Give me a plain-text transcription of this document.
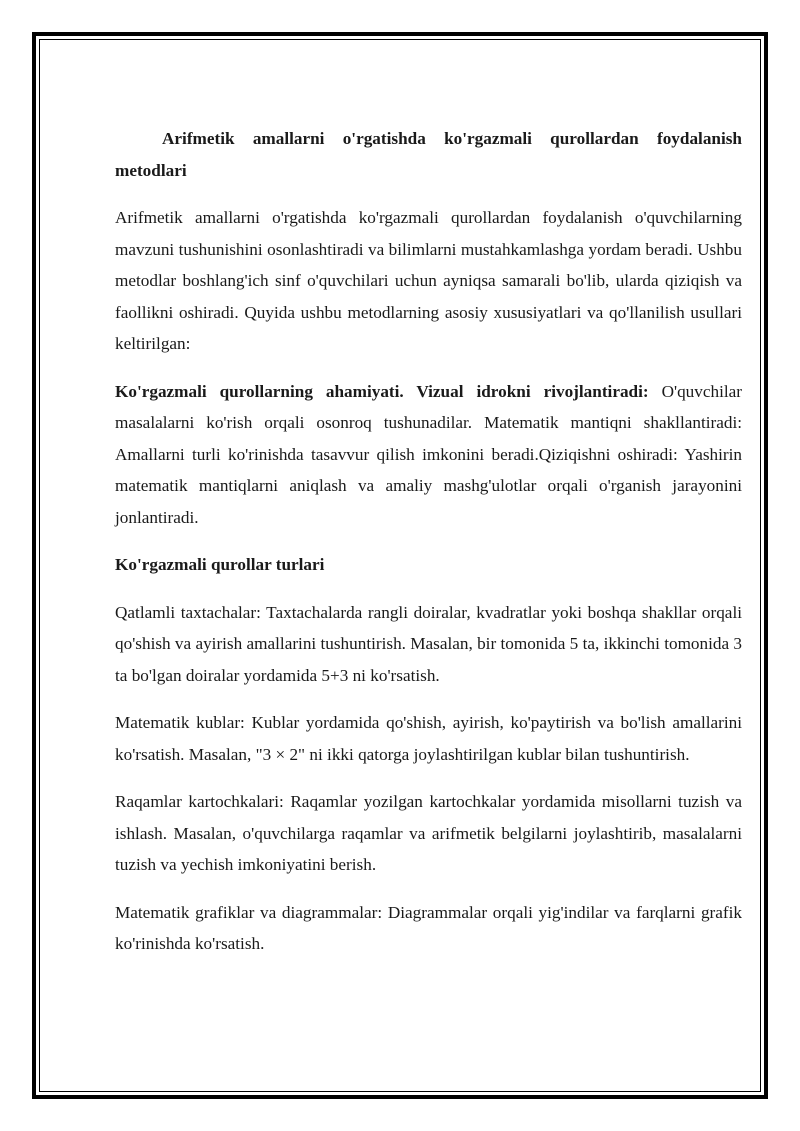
Arifmetik amallarni o'rgatishda ko'rgazmali qurollardan foydalanish metodlari

Arifmetik amallarni o'rgatishda ko'rgazmali qurollardan foydalanish o'quvchilarning mavzuni tushunishini osonlashtiradi va bilimlarni mustahkamlashga yordam beradi. Ushbu metodlar boshlang'ich sinf o'quvchilari uchun ayniqsa samarali bo'lib, ularda qiziqish va faollikni oshiradi. Quyida ushbu metodlarning asosiy xususiyatlari va qo'llanilish usullari keltirilgan:

Ko'rgazmali qurollarning ahamiyati. Vizual idrokni rivojlantiradi: O'quvchilar masalalarni ko'rish orqali osonroq tushunadilar. Matematik mantiqni shakllantiradi: Amallarni turli ko'rinishda tasavvur qilish imkonini beradi.Qiziqishni oshiradi: Yashirin matematik mantiqlarni aniqlash va amaliy mashg'ulotlar orqali o'rganish jarayonini jonlantiradi.

Ko'rgazmali qurollar turlari

Qatlamli taxtachalar: Taxtachalarda rangli doiralar, kvadratlar yoki boshqa shakllar orqali qo'shish va ayirish amallarini tushuntirish. Masalan, bir tomonida 5 ta, ikkinchi tomonida 3 ta bo'lgan doiralar yordamida 5+3 ni ko'rsatish.

Matematik kublar: Kublar yordamida qo'shish, ayirish, ko'paytirish va bo'lish amallarini ko'rsatish. Masalan, "3 × 2" ni ikki qatorga joylashtirilgan kublar bilan tushuntirish.

Raqamlar kartochkalari: Raqamlar yozilgan kartochkalar yordamida misollarni tuzish va ishlash. Masalan, o'quvchilarga raqamlar va arifmetik belgilarni joylashtirib, masalalarni tuzish va yechish imkoniyatini berish.

Matematik grafiklar va diagrammalar: Diagrammalar orqali yig'indilar va farqlarni grafik ko'rinishda ko'rsatish.
